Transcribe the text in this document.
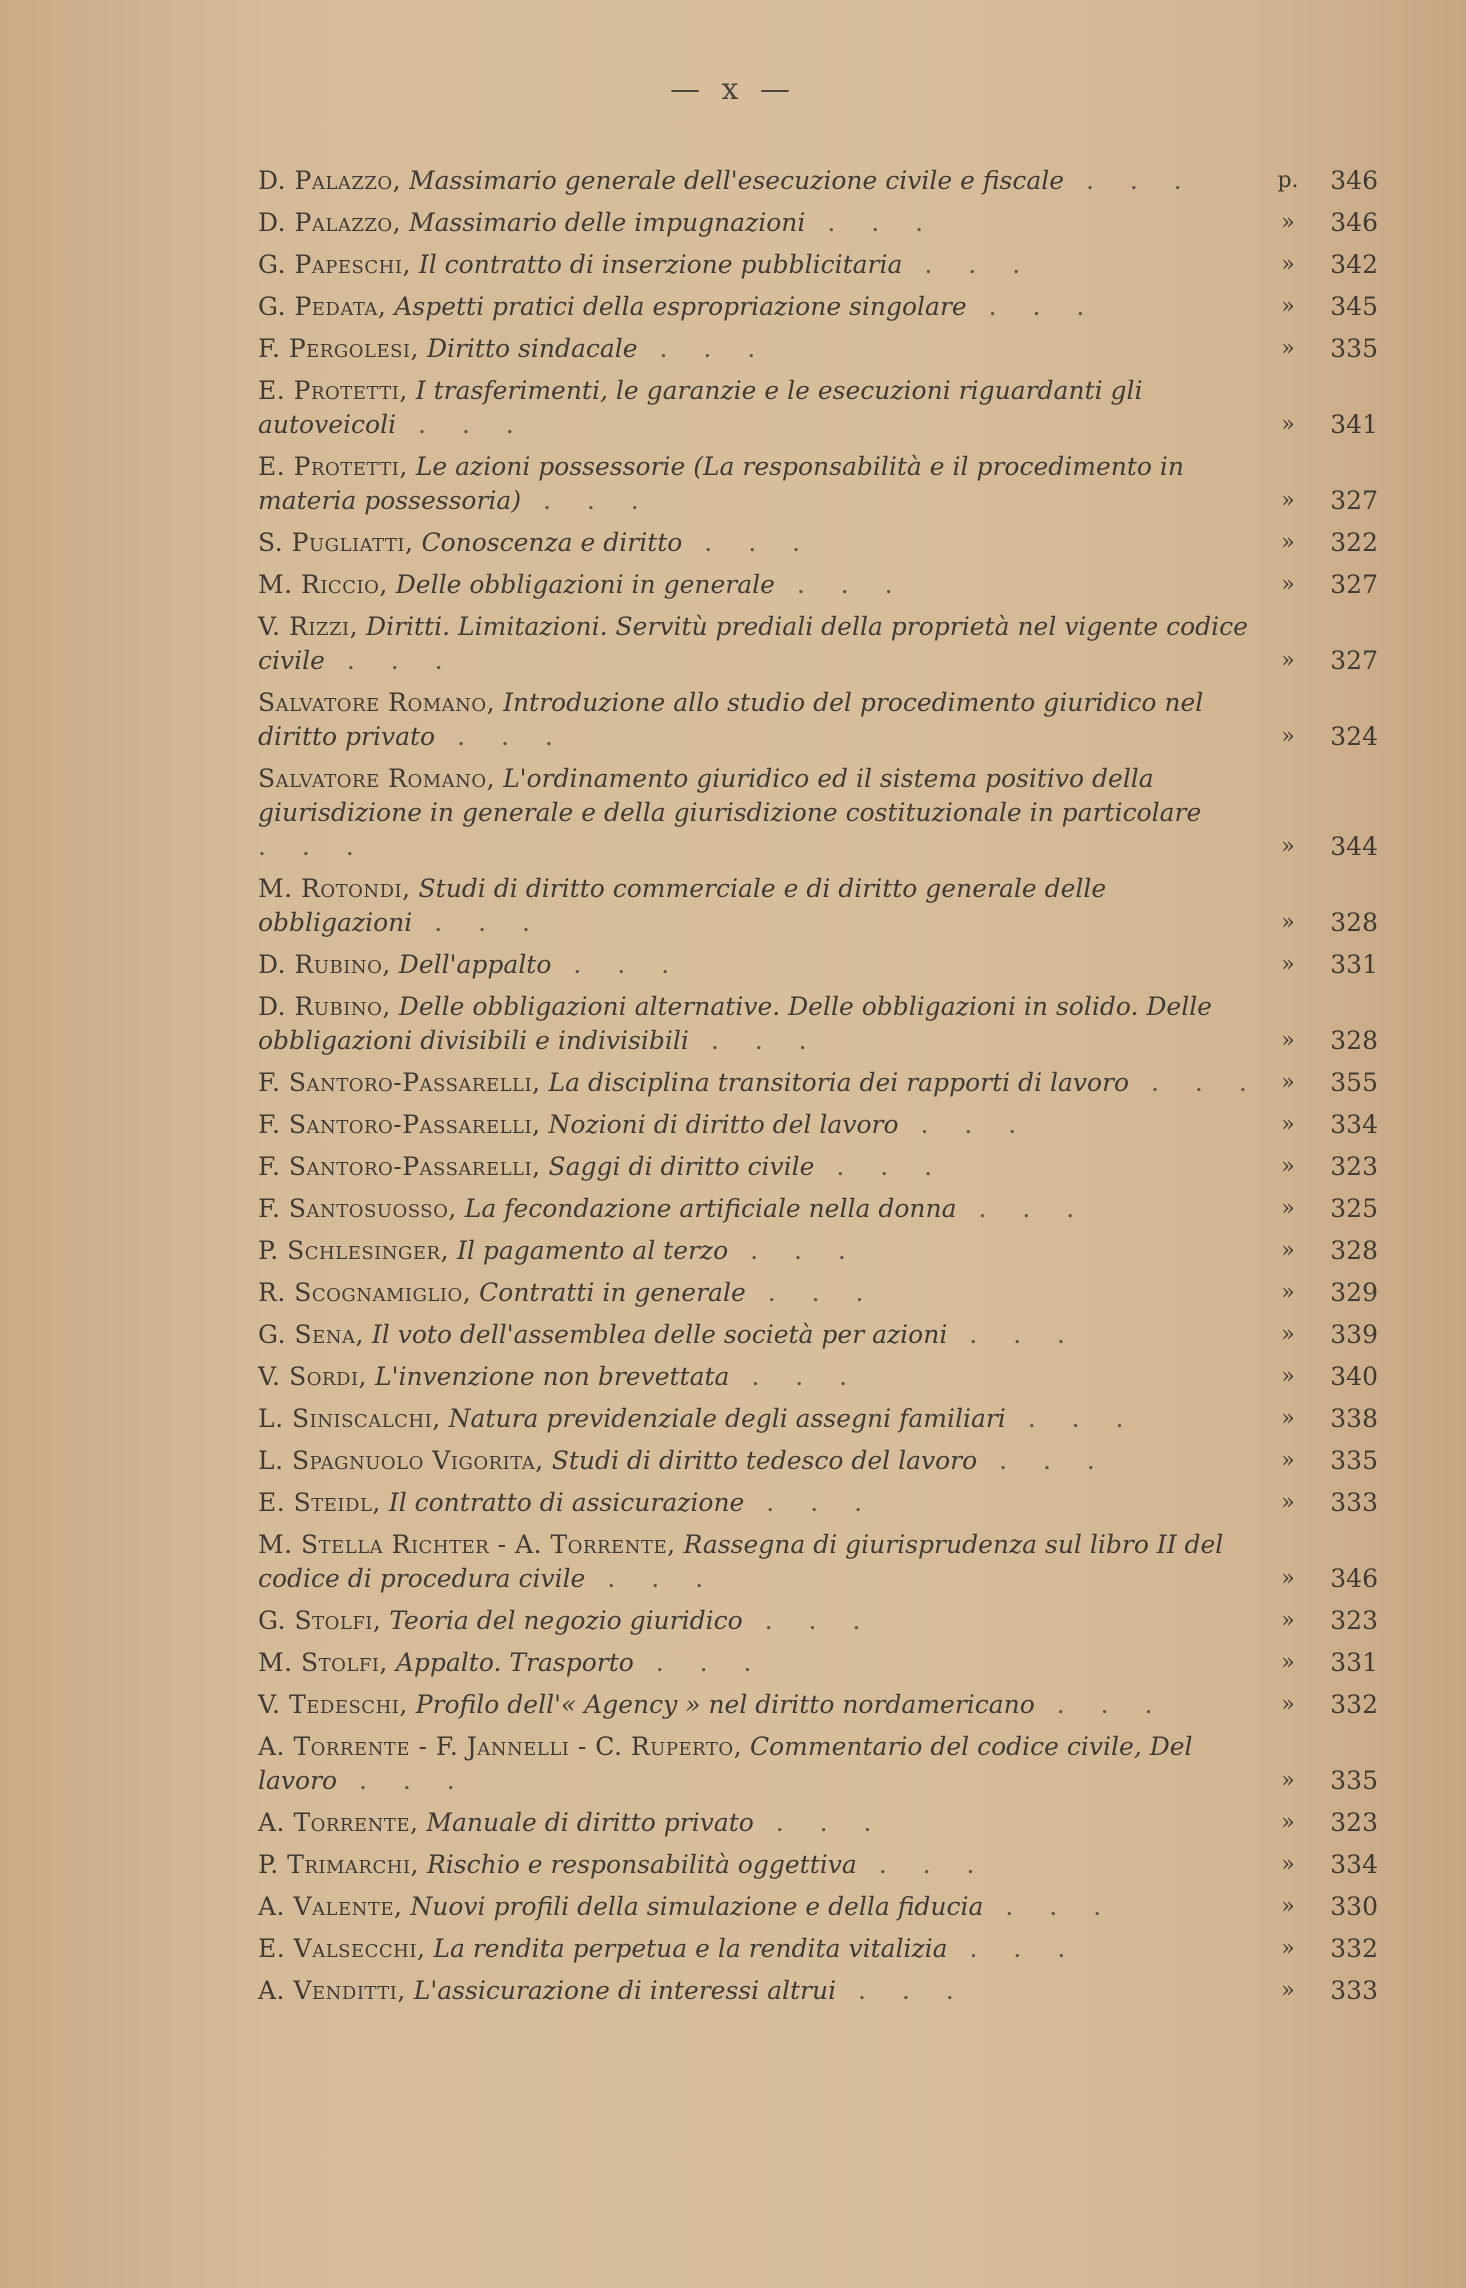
— x —
D. Palazzo, Massimario generale dell'esecuzione civile e fiscale . . .	p.	346
D. Palazzo, Massimario delle impugnazioni . . .	»	346
G. Papeschi, Il contratto di inserzione pubblicitaria . . .	»	342
G. Pedata, Aspetti pratici della espropriazione singolare . . .	»	345
F. Pergolesi, Diritto sindacale . . .	»	335
E. Protetti, I trasferimenti, le garanzie e le esecuzioni riguardanti gli autoveicoli . . .	»	341
E. Protetti, Le azioni possessorie (La responsabilità e il procedimento in materia possessoria) . . .	»	327
S. Pugliatti, Conoscenza e diritto . . .	»	322
M. Riccio, Delle obbligazioni in generale . . .	»	327
V. Rizzi, Diritti. Limitazioni. Servitù prediali della proprietà nel vigente codice civile . . .	»	327
Salvatore Romano, Introduzione allo studio del procedimento giuridico nel diritto privato . . .	»	324
Salvatore Romano, L'ordinamento giuridico ed il sistema positivo della giurisdizione in generale e della giurisdizione costituzionale in particolare . . .	»	344
M. Rotondi, Studi di diritto commerciale e di diritto generale delle obbligazioni . . .	»	328
D. Rubino, Dell'appalto . . .	»	331
D. Rubino, Delle obbligazioni alternative. Delle obbligazioni in solido. Delle obbligazioni divisibili e indivisibili . . .	»	328
F. Santoro-Passarelli, La disciplina transitoria dei rapporti di lavoro . . . »	355
F. Santoro-Passarelli, Nozioni di diritto del lavoro . . .	»	334
F. Santoro-Passarelli, Saggi di diritto civile . . .	»	323
F. Santosuosso, La fecondazione artificiale nella donna . . .	»	325
P. Schlesinger, Il pagamento al terzo . . .	»	328
R. Scognamiglio, Contratti in generale . . .	»	329
G. Sena, Il voto dell'assemblea delle società per azioni . . .	»	339
V. Sordi, L'invenzione non brevettata . . .	»	340
L. Siniscalchi, Natura previdenziale degli assegni familiari . . .	»	338
L. Spagnuolo Vigorita, Studi di diritto tedesco del lavoro . . .	»	335
E. Steidl, Il contratto di assicurazione . . .	»	333
M. Stella Richter - A. Torrente, Rassegna di giurisprudenza sul libro II del codice di procedura civile . . .	»	346
G. Stolfi, Teoria del negozio giuridico . . .	»	323
M. Stolfi, Appalto. Trasporto . . .	»	331
V. Tedeschi, Profilo dell'« Agency » nel diritto nordamericano . . .	»	332
A. Torrente - F. Jannelli - C. Ruperto, Commentario del codice civile, Del lavoro . . .	»	335
A. Torrente, Manuale di diritto privato . . .	»	323
P. Trimarchi, Rischio e responsabilità oggettiva . . .	»	334
A. Valente, Nuovi profili della simulazione e della fiducia . . .	»	330
E. Valsecchi, La rendita perpetua e la rendita vitalizia . . .	»	332
A. Venditti, L'assicurazione di interessi altrui . . .	»	333
